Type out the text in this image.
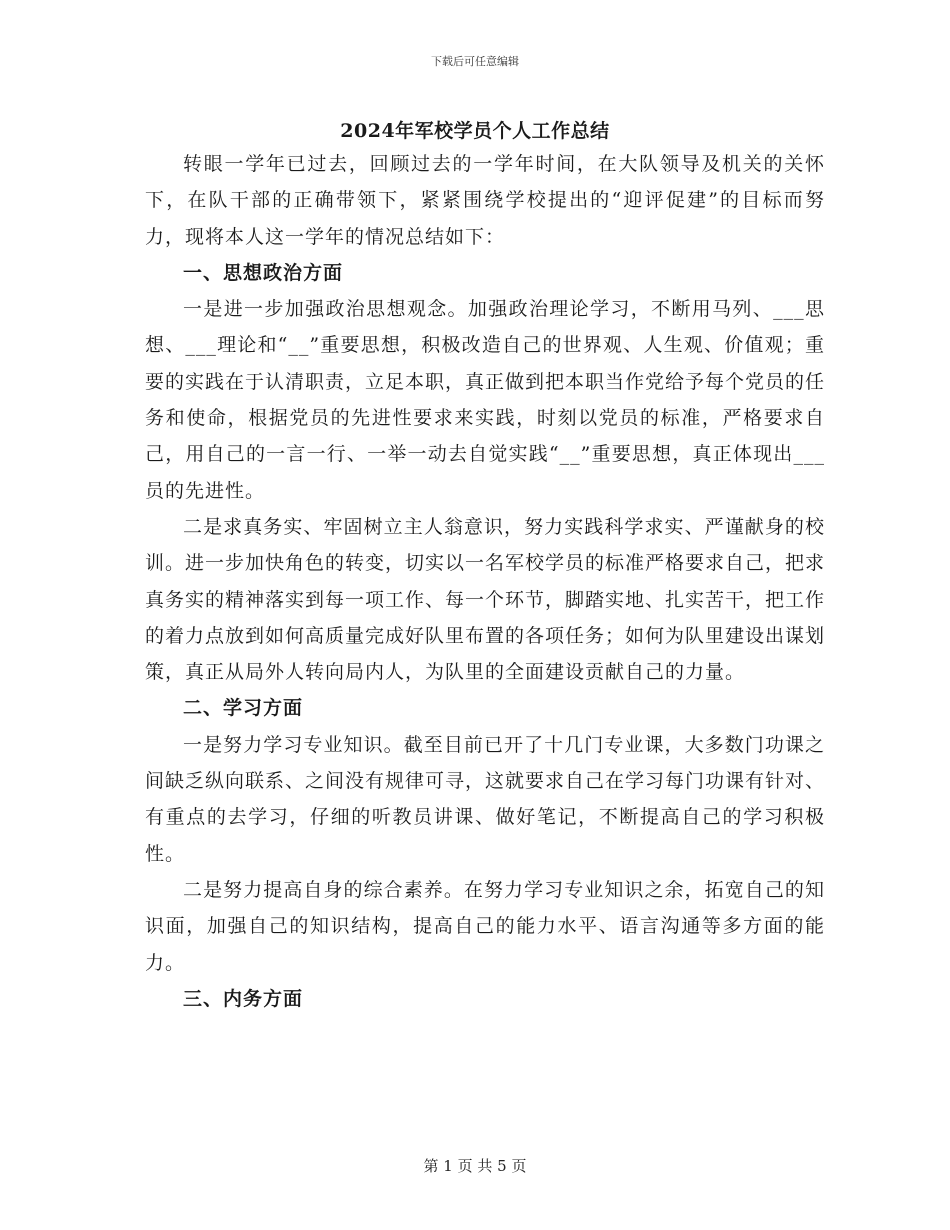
下载后可任意编辑
2024年军校学员个人工作总结

转眼一学年已过去，回顾过去的一学年时间，在大队领导及机关的关怀下，在队干部的正确带领下，紧紧围绕学校提出的“迎评促建”的目标而努力，现将本人这一学年的情况总结如下：

一、思想政治方面

一是进一步加强政治思想观念。加强政治理论学习，不断用马列、___思想、___理论和“__”重要思想，积极改造自己的世界观、人生观、价值观；重要的实践在于认清职责，立足本职，真正做到把本职当作党给予每个党员的任务和使命，根据党员的先进性要求来实践，时刻以党员的标准，严格要求自己，用自己的一言一行、一举一动去自觉实践“__”重要思想，真正体现出___员的先进性。

二是求真务实、牢固树立主人翁意识，努力实践科学求实、严谨献身的校训。进一步加快角色的转变，切实以一名军校学员的标准严格要求自己，把求真务实的精神落实到每一项工作、每一个环节，脚踏实地、扎实苦干，把工作的着力点放到如何高质量完成好队里布置的各项任务；如何为队里建设出谋划策，真正从局外人转向局内人，为队里的全面建设贡献自己的力量。

二、学习方面

一是努力学习专业知识。截至目前已开了十几门专业课，大多数门功课之间缺乏纵向联系、之间没有规律可寻，这就要求自己在学习每门功课有针对、有重点的去学习，仔细的听教员讲课、做好笔记，不断提高自己的学习积极性。

二是努力提高自身的综合素养。在努力学习专业知识之余，拓宽自己的知识面，加强自己的知识结构，提高自己的能力水平、语言沟通等多方面的能力。

三、内务方面

第 1 页 共 5 页
